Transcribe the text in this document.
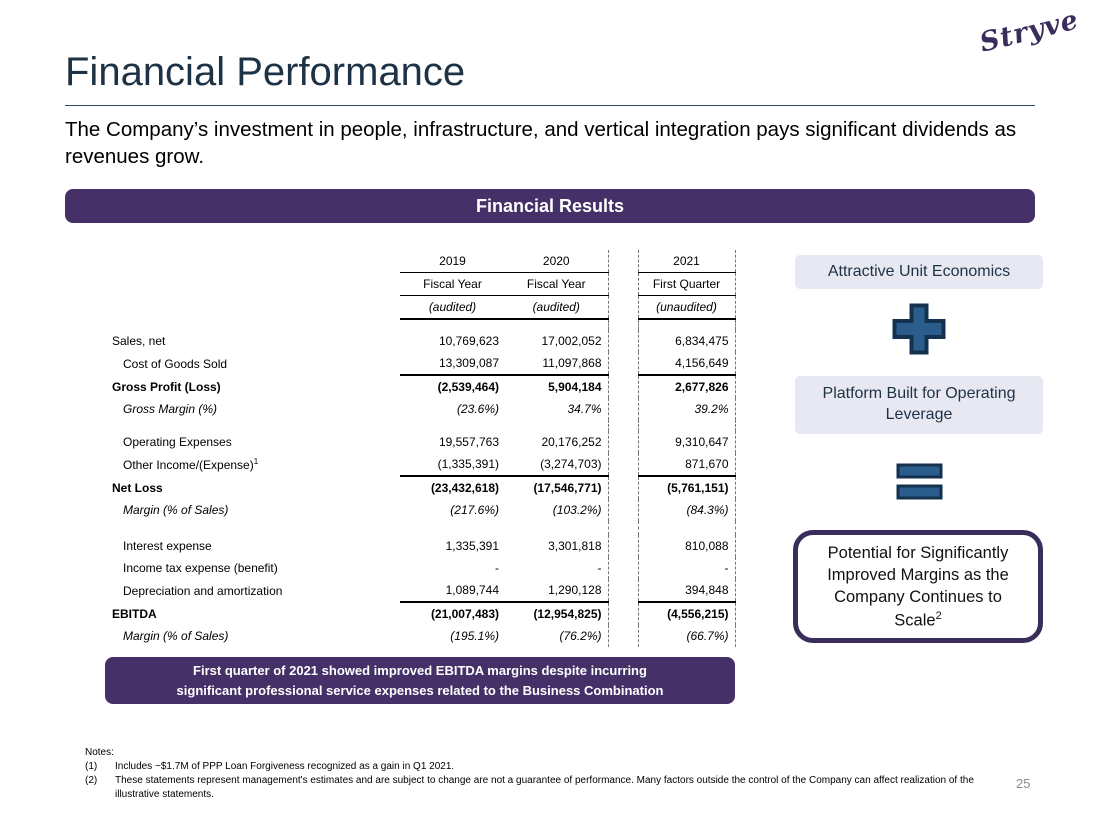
Stryve
Financial Performance
The Company’s investment in people, infrastructure, and vertical integration pays significant dividends as revenues grow.
Financial Results
	2019	2020		2021
	Fiscal Year	Fiscal Year		First Quarter
	(audited)	(audited)		(unaudited)

Sales, net	10,769,623	17,002,052		6,834,475
Cost of Goods Sold	13,309,087	11,097,868		4,156,649
Gross Profit (Loss)	(2,539,464)	5,904,184		2,677,826
Gross Margin (%)	(23.6%)	34.7%		39.2%

Operating Expenses	19,557,763	20,176,252		9,310,647
Other Income/(Expense)$^1$	(1,335,391)	(3,274,703)		871,670
Net Loss	(23,432,618)	(17,546,771)		(5,761,151)
Margin (% of Sales)	(217.6%)	(103.2%)		(84.3%)

Interest expense	1,335,391	3,301,818		810,088
Income tax expense (benefit)	-	-		-
Depreciation and amortization	1,089,744	1,290,128		394,848
EBITDA	(21,007,483)	(12,954,825)		(4,556,215)
Margin (% of Sales)	(195.1%)	(76.2%)		(66.7%)
First quarter of 2021 showed improved EBITDA margins despite incurring
significant professional service expenses related to the Business Combination
Attractive Unit Economics
Platform Built for Operating Leverage
Potential for Significantly Improved Margins as the Company Continues to Scale$^2$
Notes:
(1)	Includes ~$1.7M of PPP Loan Forgiveness recognized as a gain in Q1 2021.
(2)	These statements represent management's estimates and are subject to change are not a guarantee of performance. Many factors outside the control of the Company can affect realization of the illustrative statements.
25
